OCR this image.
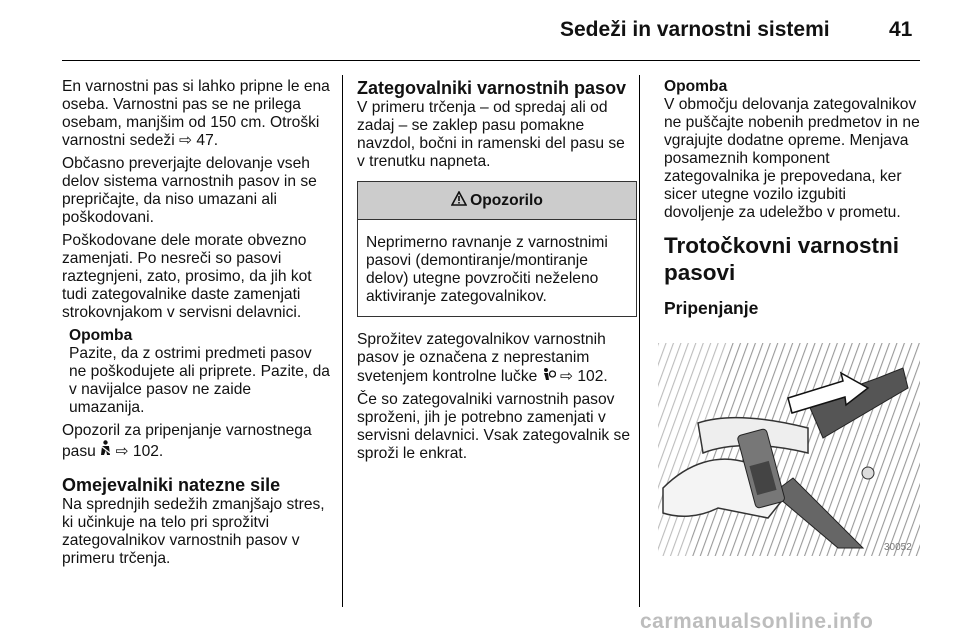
Sedeži in varnostni sistemi	41

En varnostni pas si lahko pripne le ena oseba. Varnostni pas se ne prilega osebam, manjšim od 150 cm. Otroški varnostni sedeži ⇨ 47.

Občasno preverjajte delovanje vseh delov sistema varnostnih pasov in se prepričajte, da niso umazani ali poškodovani.

Poškodovane dele morate obvezno zamenjati. Po nesreči so pasovi raztegnjeni, zato, prosimo, da jih kot tudi zategovalnike daste zamenjati strokovnjakom v servisni delavnici.

Opomba

Pazite, da z ostrimi predmeti pasov ne poškodujete ali priprete. Pazite, da v navijalce pasov ne zaide umazanija.

Opozoril za pripenjanje varnostnega pasu ⇨ 102.

Omejevalniki natezne sile

Na sprednjih sedežih zmanjšajo stres, ki učinkuje na telo pri sprožitvi zategovalnikov varnostnih pasov v primeru trčenja.

Zategovalniki varnostnih pasov

V primeru trčenja – od spredaj ali od zadaj – se zaklep pasu pomakne navzdol, bočni in ramenski del pasu se v trenutku napneta.

Opozorilo
Neprimerno ravnanje z varnostnimi pasovi (demontiranje/montiranje delov) utegne povzročiti neželeno aktiviranje zategovalnikov.

Sprožitev zategovalnikov varnostnih pasov je označena z neprestanim svetenjem kontrolne lučke ⇨ 102.

Če so zategovalniki varnostnih pasov sproženi, jih je potrebno zamenjati v servisni delavnici. Vsak zategovalnik se sproži le enkrat.

Opomba

V območju delovanja zategovalnikov ne puščajte nobenih predmetov in ne vgrajujte dodatne opreme. Menjava posameznih komponent zategovalnika je prepovedana, ker sicer utegne vozilo izgubiti dovoljenje za udeležbo v prometu.

Trotočkovni varnostni pasovi
Pripenjanje
30052
carmanualsonline.info
